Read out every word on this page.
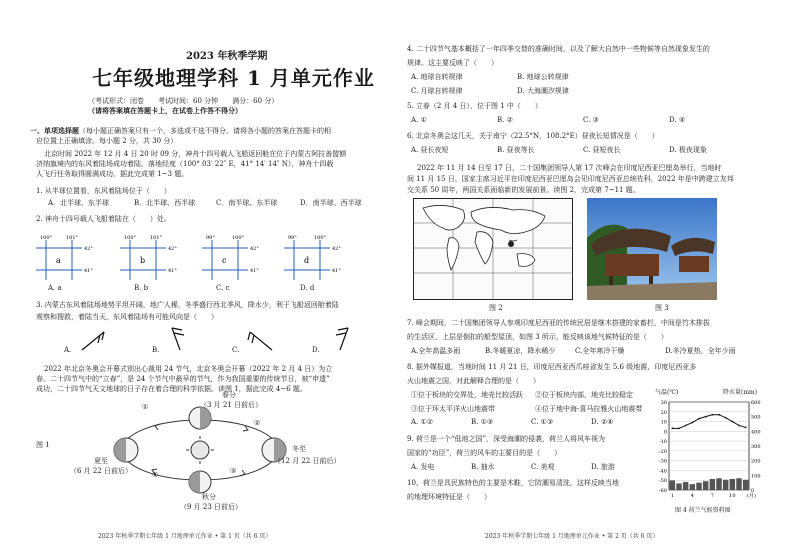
2023 年秋季学期
七年级地理学科 1 月单元作业
（考试形式：闭卷　　考试时间：60 分钟　　满分：60 分）
（请将答案填在答题卡上，在试卷上作答不得分）
一、单项选择题（每小题正确答案只有一个，多选或不选不得分。请将各小题的答案在答题卡的相
应位置上正确填涂。每小题 2 分，共 30 分）
北京时间 2022 年 12 月 4 日 20 时 09 分，神舟十四号载人飞船返回舱在位于内蒙古阿拉善盟额
济纳旗境内的东风着陆场成功着陆，落地经度（100° 03′ 22″ E，41° 14′ 14″ N），神舟十四载
人飞行任务取得圆满成功。据此完成第 1~3 题。
1. 从半球位置看，东风着陆场位于（　　）
A．北半球、东半球	B．北半球、西半球	C．南半球、东半球	D．南半球、西半球
2. 神舟十四号载人飞船着陆在（　　）处。
a
100°	101°
42°
41°
b
100°	101°
42°
41°
c
99°	100°
42°
41°
d
99°	100°
42°
41°
A. a	B. b	C. c	D. d
3. 内蒙古东风着陆场地势平坦开阔，地广人稀，冬季盛行西北季风，降水少，利于飞船返回舱着陆
观察和搜救，着陆当天，东风着陆场有可能风向是（　　）
A.	B.	C.	D.
2022 年北京冬奥会开幕式别出心裁用 24 节气，北京冬奥会开幕（2022 年 2 月 4 日）为立
春。二十四节气中的“立春”，是 24 个节气中最早的节气，作为我国重要的传统节日，被“申遗”
成功，二十四节气天文地球的日子存在着合理的科学依据。读图 1，据此完成 4~6 题。
图 1
①
②
③
④
春分
（3 月 21 日前后）
夏至
（6 月 22 日前后）
冬至
（12 月 22 日前后）
秋分
（9 月 23 日前后）
2023 年秋季学期七年级 1 月地理单元作业 • 第 1 页（共 6 页）
4. 二十四节气基本概括了一年四季交替的准确时间，以及了解大自然中一些物候等自然现象发生的
规律。这主要反映了（　　）
A. 地球自转规律	B. 地球公转规律
C. 月球自转规律	D. 大海潮汐规律
5. 立春（2 月 4 日），位于图 1 中（　　）
A. ①	B. ②	C. ③	D. ④
6. 北京冬奥会这几天，关于南宁（22.5°N，108.2°E）昼夜长短情况是（　　）
A. 昼长夜短	B. 昼夜等长	C. 昼短夜长	D. 极夜现象
2022 年 11 月 14 日至 17 日，二十国集团领导人第 17 次峰会在印度尼西亚巴厘岛举行，当地时
间 11 月 15 日，国家主席习近平在印度尼西亚巴厘岛会见印度尼西亚总统佐科，2022 年是中跨建立友邦
交关系 50 周年，两国关系面临新的发展前景。读图 2，完成第 7~11 题。
图 2	图 3
7. 峰会期间，二十国集团领导人参观印度尼西亚的传统民居是继木搭建的家畜栏，中间是竹木排拔
的生活区，上层是倒扣的船型屋顶，如图 3 所示，能反映该地气候特征的是（　　）
A.全年高温多雨	B.冬暖夏凉，降水稀少	C.全年寒冷干燥	D.冬冷夏热，全年少雨
8. 据外媒报道，当地时间 11 月 21 日，印度尼西亚西爪哇省发生 5.6 级地震，印度尼西亚多
火山地震之国，对此解释合理的是（　　）
①位于板块的交界处，地壳比较活跃 ②位于板块内部，地壳比较稳定
③位于环太平洋火山地震带	④位于地中海-喜马拉雅火山地震带
A. ①②	B. ①③	C. ①③	D. ②④
9. 荷兰是一个“低地之国”，深受海潮的侵袭，荷兰人将风车视为
国家的“功臣”，荷兰的风车的主要目的是（　　）
A. 发电	B. 抽水	C. 美观	D. 旅游
10、荷兰是具民族特色的主要是木鞋，它防潮易清洗，这样反映当地
的地理环境特征是（　　）
气温(℃)	降水量(mm)
30
20
10
0
-10
-20
-30
-40
-50
-60
600
500
400
300
200
100
0
1	4	7	10 (月)
图 4 荷兰气候资料图
2023 年秋季学期七年级 1 月地理单元作业 • 第 2 页（共 6 页）
